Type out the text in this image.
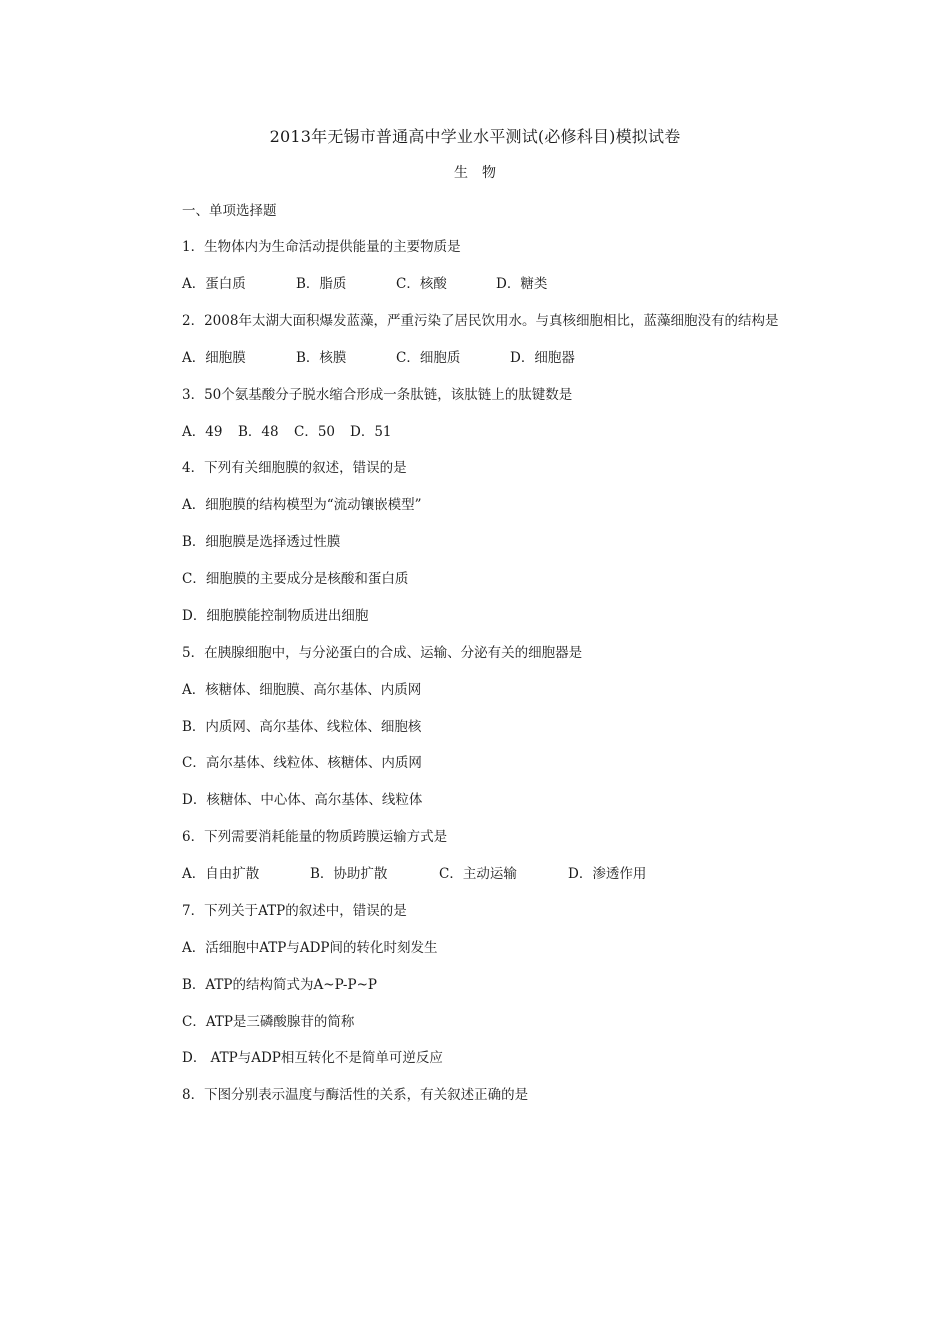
2013年无锡市普通高中学业水平测试(必修科目)模拟试卷
生　物
一、单项选择题
1．生物体内为生命活动提供能量的主要物质是
A．蛋白质	B．脂质	C．核酸	D．糖类
2．2008年太湖大面积爆发蓝藻，严重污染了居民饮用水。与真核细胞相比，蓝藻细胞没有的结构是
A．细胞膜	B．核膜	C．细胞质	D．细胞器
3．50个氨基酸分子脱水缩合形成一条肽链，该肽链上的肽键数是
A．49 B．48 C．50 D．51
4．下列有关细胞膜的叙述，错误的是
A．细胞膜的结构模型为“流动镶嵌模型”
B．细胞膜是选择透过性膜
C．细胞膜的主要成分是核酸和蛋白质
D．细胞膜能控制物质进出细胞
5．在胰腺细胞中，与分泌蛋白的合成、运输、分泌有关的细胞器是
A．核糖体、细胞膜、高尔基体、内质网
B．内质网、高尔基体、线粒体、细胞核
C．高尔基体、线粒体、核糖体、内质网
D．核糖体、中心体、高尔基体、线粒体
6．下列需要消耗能量的物质跨膜运输方式是
A．自由扩散	B．协助扩散	C．主动运输	D．渗透作用
7．下列关于ATP的叙述中，错误的是
A．活细胞中ATP与ADP间的转化时刻发生
B．ATP的结构简式为A~P-P~P
C．ATP是三磷酸腺苷的简称
D． ATP与ADP相互转化不是简单可逆反应
8．下图分别表示温度与酶活性的关系，有关叙述正确的是
